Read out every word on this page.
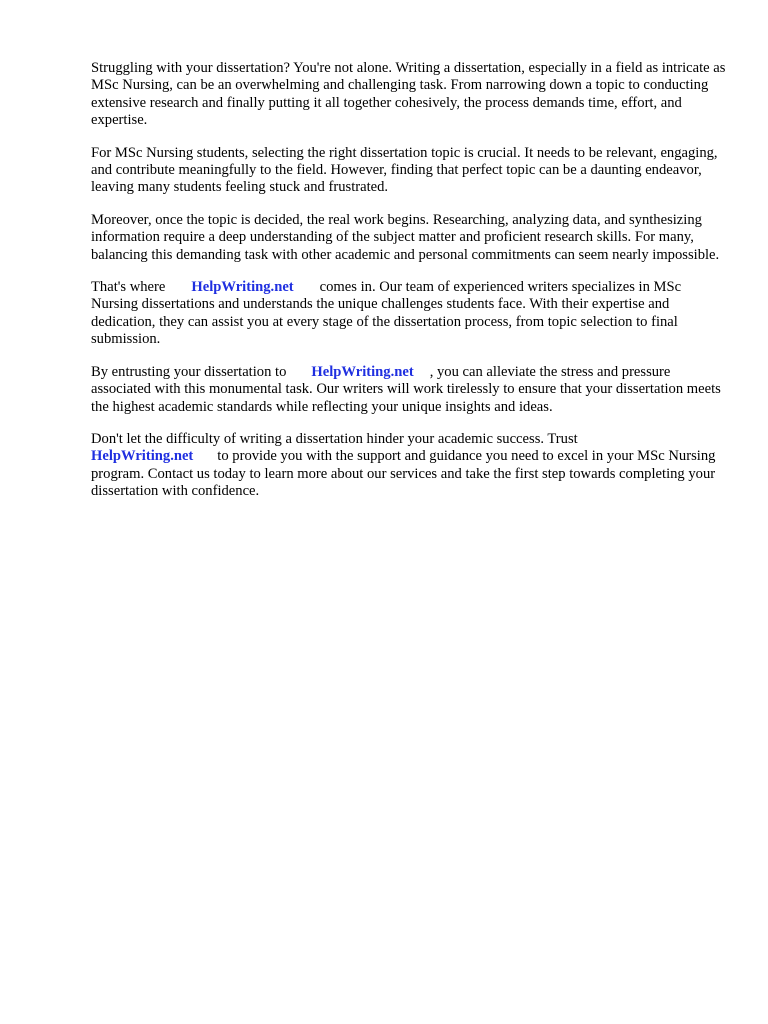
Struggling with your dissertation? You're not alone. Writing a dissertation, especially in a field as intricate as MSc Nursing, can be an overwhelming and challenging task. From narrowing down a topic to conducting extensive research and finally putting it all together cohesively, the process demands time, effort, and expertise.

For MSc Nursing students, selecting the right dissertation topic is crucial. It needs to be relevant, engaging, and contribute meaningfully to the field. However, finding that perfect topic can be a daunting endeavor, leaving many students feeling stuck and frustrated.

Moreover, once the topic is decided, the real work begins. Researching, analyzing data, and synthesizing information require a deep understanding of the subject matter and proficient research skills. For many, balancing this demanding task with other academic and personal commitments can seem nearly impossible.

That's where HelpWriting.net comes in. Our team of experienced writers specializes in MSc Nursing dissertations and understands the unique challenges students face. With their expertise and dedication, they can assist you at every stage of the dissertation process, from topic selection to final submission.

By entrusting your dissertation to HelpWriting.net , you can alleviate the stress and pressure associated with this monumental task. Our writers will work tirelessly to ensure that your dissertation meets the highest academic standards while reflecting your unique insights and ideas.

Don't let the difficulty of writing a dissertation hinder your academic success. Trust
HelpWriting.net to provide you with the support and guidance you need to excel in your MSc Nursing program. Contact us today to learn more about our services and take the first step towards completing your dissertation with confidence.
